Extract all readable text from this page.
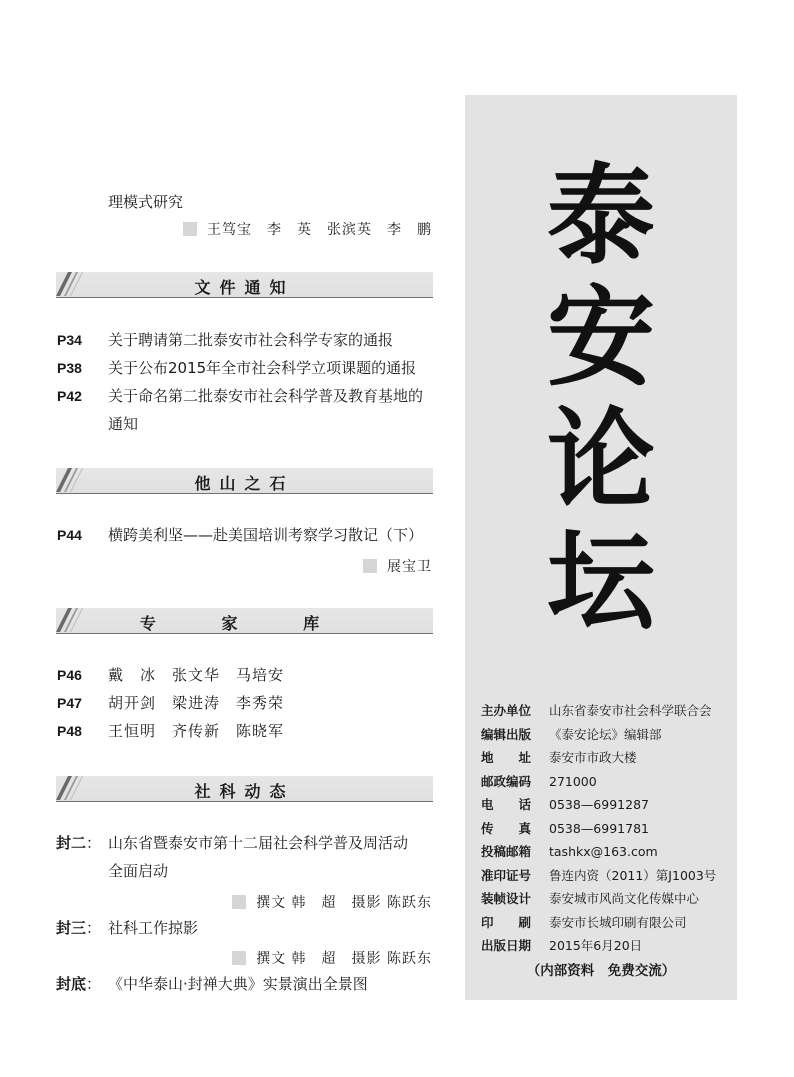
理模式研究
王笃宝　李　英　张滨英　李　鹏
文件通知
P34	关于聘请第二批泰安市社会科学专家的通报
P38	关于公布2015年全市社会科学立项课题的通报
P42	关于命名第二批泰安市社会科学普及教育基地的
通知
他山之石
P44	横跨美利坚——赴美国培训考察学习散记（下）
展宝卫
专 家 库
P46	戴　冰　张文华　马培安
P47	胡开剑　梁进涛　李秀荣
P48	王恒明　齐传新　陈晓军
社科动态
封二： 山东省暨泰安市第十二届社会科学普及周活动
全面启动
撰文 韩　超　摄影 陈跃东
封三： 社科工作掠影
撰文 韩　超　摄影 陈跃东
封底： 《中华泰山·封禅大典》实景演出全景图
泰
安
论
坛
主办单位 山东省泰安市社会科学联合会
编辑出版 《泰安论坛》编辑部
地　　址 泰安市市政大楼
邮政编码 271000
电　　话 0538—6991287
传　　真 0538—6991781
投稿邮箱 tashkx@163.com
准印证号 鲁连内资（2011）第J1003号
装帧设计 泰安城市风尚文化传媒中心
印　　刷 泰安市长城印刷有限公司
出版日期 2015年6月20日
（内部资料　免费交流）
